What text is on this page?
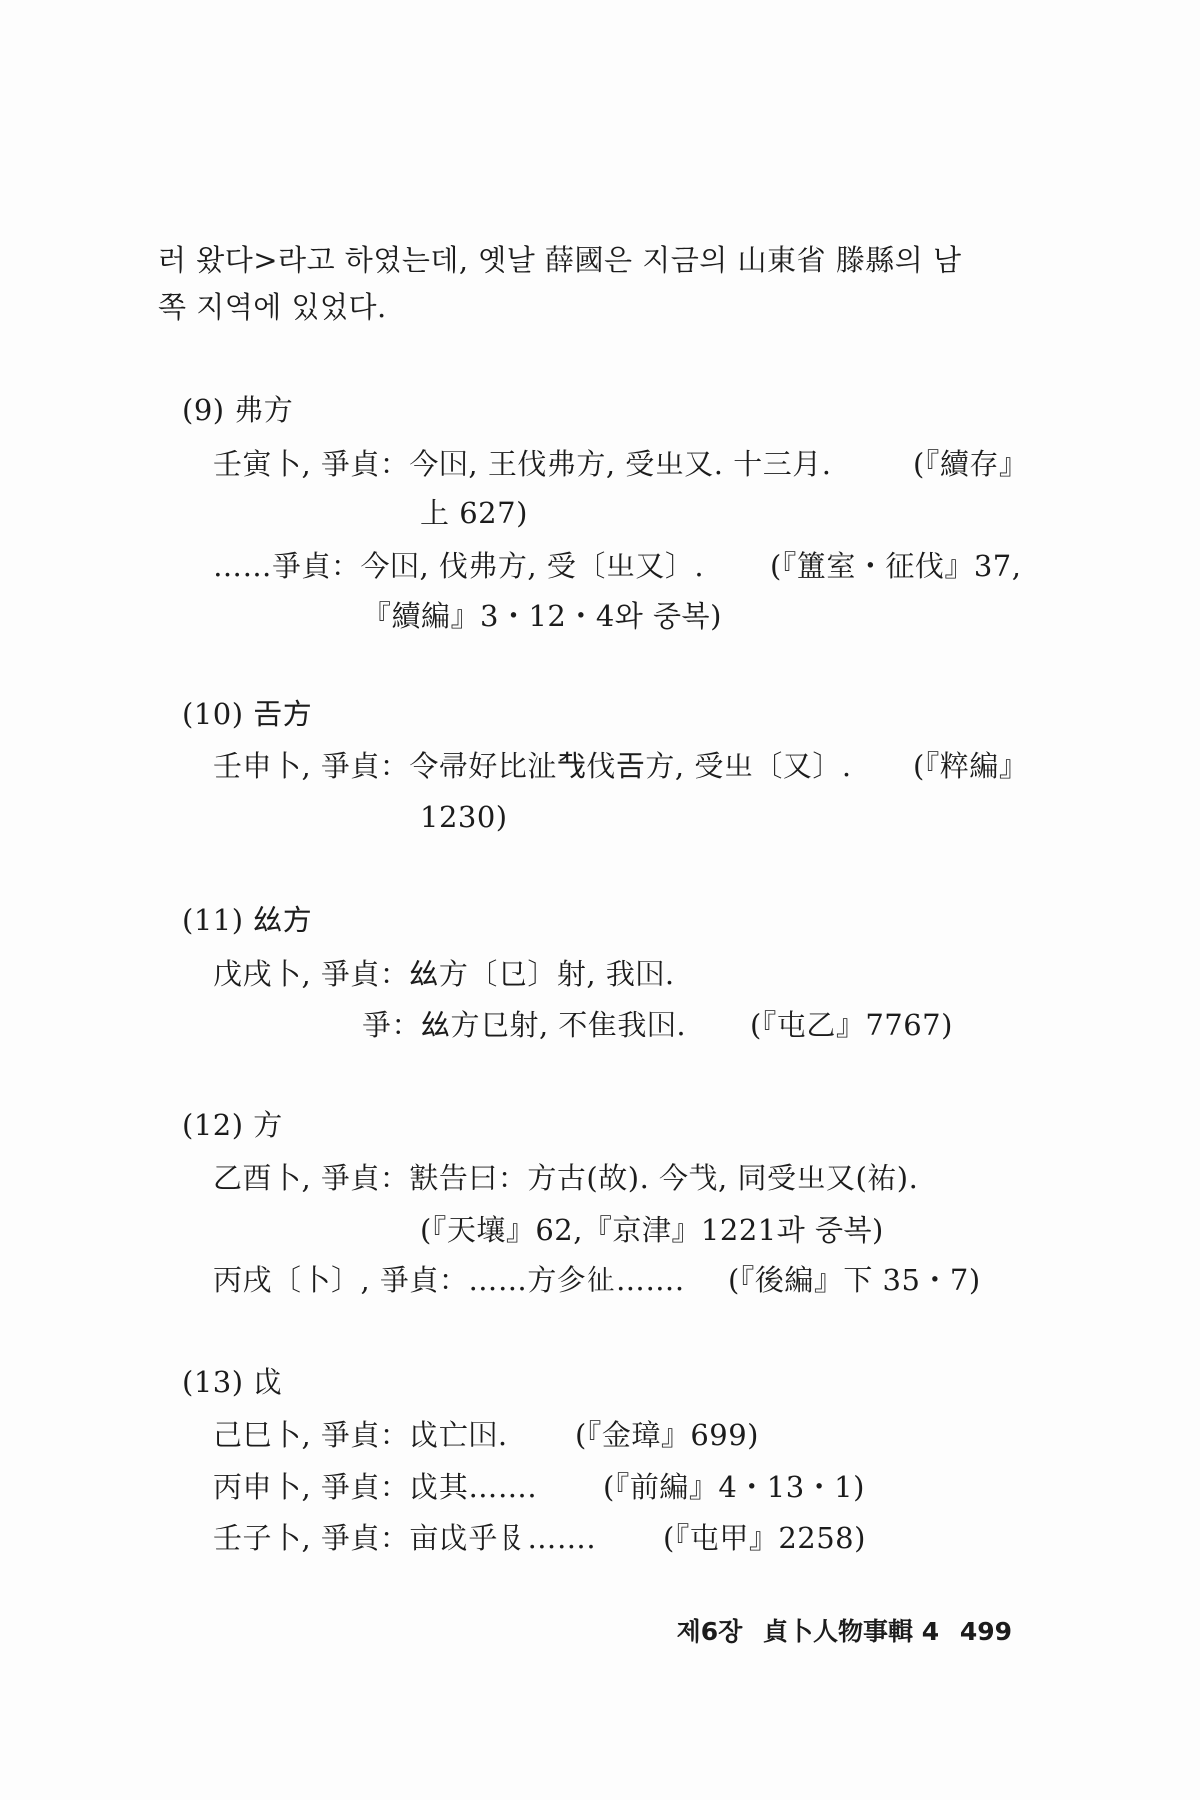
러 왔다>라고 하였는데, 옛날 薛國은 지금의 山東省 滕縣의 남
쪽 지역에 있었다.
(9) 弗方
壬寅卜, 爭貞：今𡆥, 王伐弗方, 受㞢又. 十三月.	(『續存』
上 627)
……爭貞：今𡆥, 伐弗方, 受〔㞢又〕. (『簠室・征伐』37,
『續編』3・12・4와 중복)
(10) 𢀛方
壬申卜, 爭貞：令帚好比沚𢦔伐𢀛方, 受㞢〔又〕. (『粹編』
1230)
(11) 𢆶方
戊戌卜, 爭貞：𢆶方〔㔾〕射, 我𡆥.
爭：𢆶方㔾射, 不隹我𡆥. (『屯乙』7767)
(12) 方
乙酉卜, 爭貞：㝬告曰：方古(故). 今𢦏, 同受㞢又(祐).
(『天壤』62,『京津』1221과 중복)
丙戌〔卜〕, 爭貞：……方㐱𢓊……. (『後編』下 35・7)
(13) 戉
己巳卜, 爭貞：戉亡𡆥. (『金璋』699)
丙申卜, 爭貞：戉其……. (『前編』4・13・1)
壬子卜, 爭貞：亩戉乎𠬝……. (『屯甲』2258)
제6장 貞卜人物事輯 4 499
